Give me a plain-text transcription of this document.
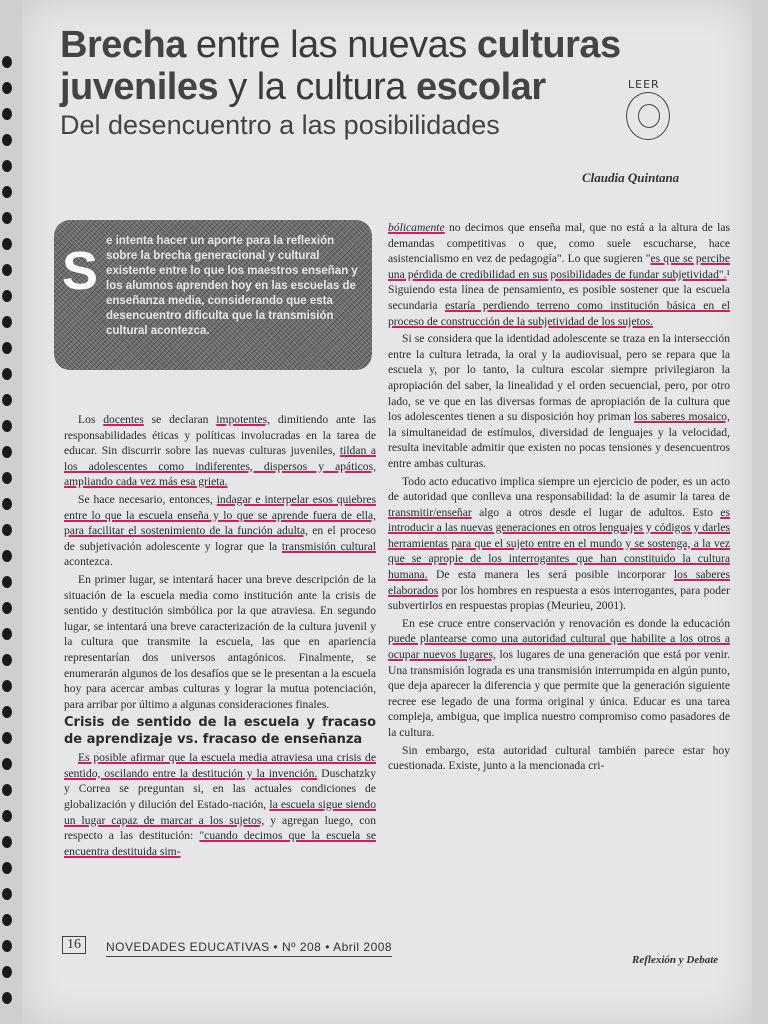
Brecha entre las nuevas culturas
juveniles y la cultura escolar
Del desencuentro a las posibilidades
LEER
Claudia Quintana
S e intenta hacer un aporte para la reflexión sobre la brecha generacional y cultural existente entre lo que los maestros enseñan y los alumnos aprenden hoy en las escuelas de enseñanza media, considerando que esta desencuentro dificulta que la transmisión cultural acontezca.

Los docentes se declaran impotentes, dimitiendo ante las responsabilidades éticas y políticas involucradas en la tarea de educar. Sin discurrir sobre las nuevas culturas juveniles, tildan a los adolescentes como indiferentes, dispersos y apáticos, ampliando cada vez más esa grieta.

Se hace necesario, entonces, indagar e interpelar esos quiebres entre lo que la escuela enseña y lo que se aprende fuera de ella, para facilitar el sostenimiento de la función adulta, en el proceso de subjetivación adolescente y lograr que la transmisión cultural acontezca.

En primer lugar, se intentará hacer una breve descripción de la situación de la escuela media como institución ante la crisis de sentido y destitución simbólica por la que atraviesa. En segundo lugar, se intentará una breve caracterización de la cultura juvenil y la cultura que transmite la escuela, las que en apariencia representarían dos universos antagónicos. Finalmente, se enumerarán algunos de los desafíos que se le presentan a la escuela hoy para acercar ambas culturas y lograr la mutua potenciación, para arribar por último a algunas consideraciones finales.

Crisis de sentido de la escuela y fracaso de aprendizaje vs. fracaso de enseñanza

Es posible afirmar que la escuela media atraviesa una crisis de sentido, oscilando entre la destitución y la invención. Duschatzky y Correa se preguntan si, en las actuales condiciones de globalización y dilución del Estado-nación, la escuela sigue siendo un lugar capaz de marcar a los sujetos, y agregan luego, con respecto a las destitución: "cuando decimos que la escuela se encuentra destituida sim-

bólicamente no decimos que enseña mal, que no está a la altura de las demandas competitivas o que, como suele escucharse, hace asistencialismo en vez de pedagogía". Lo que sugieren "es que se percibe una pérdida de credibilidad en sus posibilidades de fundar subjetividad".¹ Siguiendo esta línea de pensamiento, es posible sostener que la escuela secundaria estaría perdiendo terreno como institución básica en el proceso de construcción de la subjetividad de los sujetos.

Si se considera que la identidad adolescente se traza en la intersección entre la cultura letrada, la oral y la audiovisual, pero se repara que la escuela y, por lo tanto, la cultura escolar siempre privilegiaron la apropiación del saber, la linealidad y el orden secuencial, pero, por otro lado, se ve que en las diversas formas de apropiación de la cultura que los adolescentes tienen a su disposición hoy priman los saberes mosaico, la simultaneidad de estímulos, diversidad de lenguajes y la velocidad, resulta inevitable admitir que existen no pocas tensiones y desencuentros entre ambas culturas.

Todo acto educativo implica siempre un ejercicio de poder, es un acto de autoridad que conlleva una responsabilidad: la de asumir la tarea de transmitir/enseñar algo a otros desde el lugar de adultos. Esto es introducir a las nuevas generaciones en otros lenguajes y códigos y darles herramientas para que el sujeto entre en el mundo y se sostenga, a la vez que se apropie de los interrogantes que han constituido la cultura humana. De esta manera les será posible incorporar los saberes elaborados por los hombres en respuesta a esos interrogantes, para poder subvertirlos en respuestas propias (Meurieu, 2001).

En ese cruce entre conservación y renovación es donde la educación puede plantearse como una autoridad cultural que habilite a los otros a ocupar nuevos lugares, los lugares de una generación que está por venir. Una transmisión lograda es una transmisión interrumpida en algún punto, que deja aparecer la diferencia y que permite que la generación siguiente recree ese legado de una forma original y única. Educar es una tarea compleja, ambigua, que implica nuestro compromiso como pasadores de la cultura.

Sin embargo, esta autoridad cultural también parece estar hoy cuestionada. Existe, junto a la mencionada cri-

16	NOVEDADES EDUCATIVAS • Nº 208 • Abril 2008
Reflexión y Debate
